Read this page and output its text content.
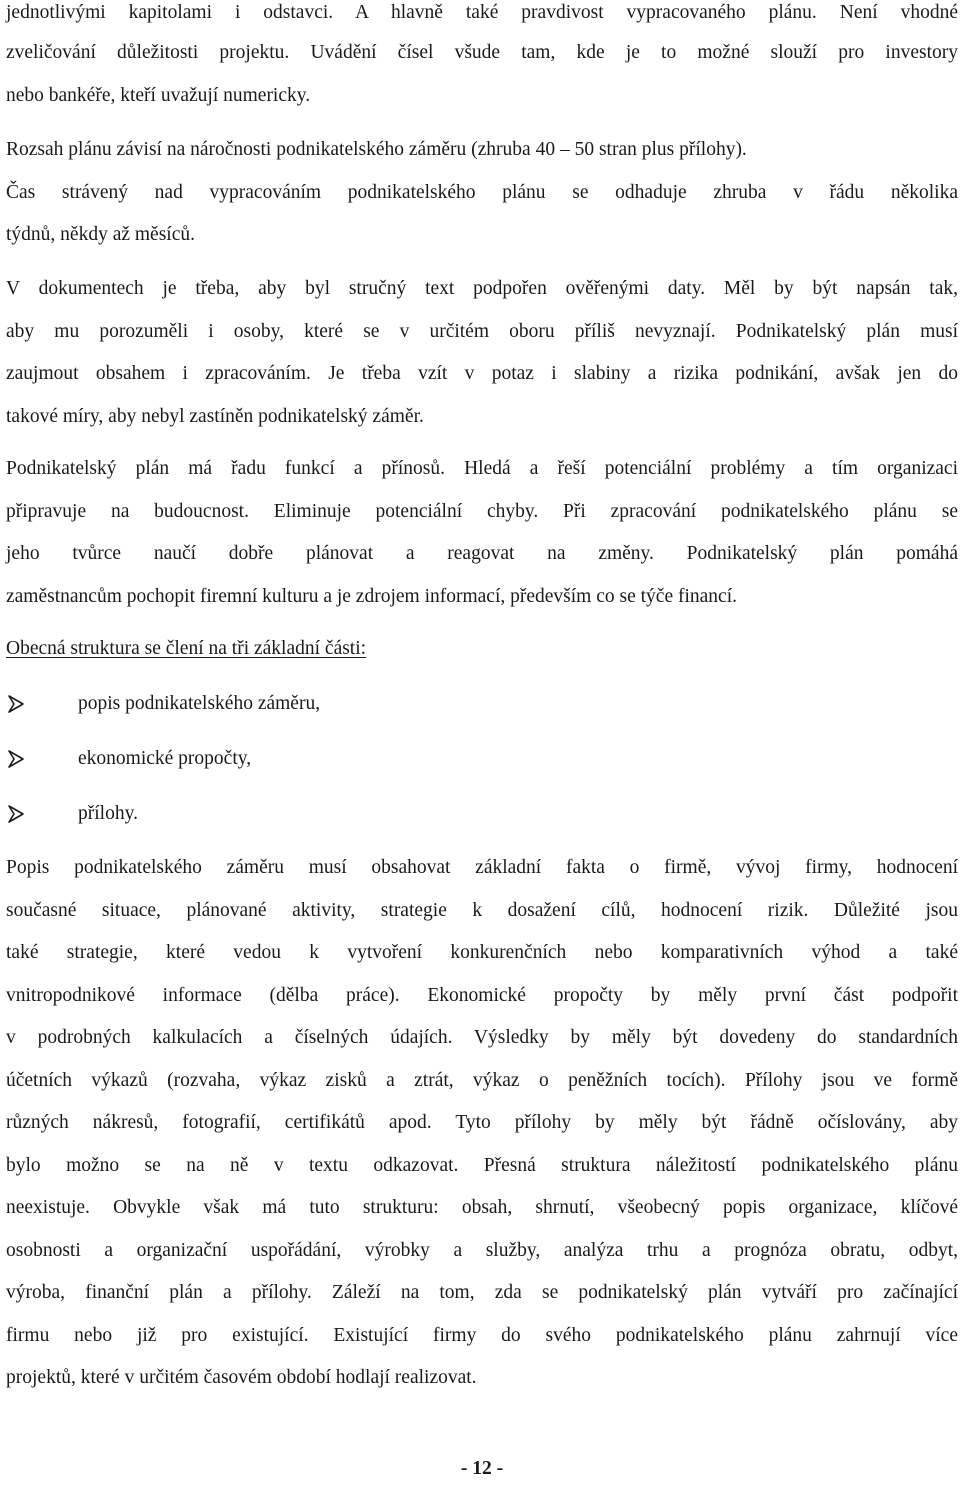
jednotlivými kapitolami i odstavci. A hlavně také pravdivost vypracovaného plánu. Není vhodné
zveličování důležitosti projektu. Uvádění čísel všude tam, kde je to možné slouží pro investory
nebo bankéře, kteří uvažují numericky.
Rozsah plánu závisí na náročnosti podnikatelského záměru (zhruba 40 – 50 stran plus přílohy).
Čas strávený nad vypracováním podnikatelského plánu se odhaduje zhruba v řádu několika
týdnů, někdy až měsíců.
V dokumentech je třeba, aby byl stručný text podpořen ověřenými daty. Měl by být napsán tak,
aby mu porozuměli i osoby, které se v určitém oboru příliš nevyznají. Podnikatelský plán musí
zaujmout obsahem i zpracováním. Je třeba vzít v potaz i slabiny a rizika podnikání, avšak jen do
takové míry, aby nebyl zastíněn podnikatelský záměr.
Podnikatelský plán má řadu funkcí a přínosů. Hledá a řeší potenciální problémy a tím organizaci
připravuje na budoucnost. Eliminuje potenciální chyby. Při zpracování podnikatelského plánu se
jeho tvůrce naučí dobře plánovat a reagovat na změny. Podnikatelský plán pomáhá
zaměstnancům pochopit firemní kulturu a je zdrojem informací, především co se týče financí.
Obecná struktura se člení na tři základní části:
popis podnikatelského záměru,
ekonomické propočty,
přílohy.
Popis podnikatelského záměru musí obsahovat základní fakta o firmě, vývoj firmy, hodnocení
současné situace, plánované aktivity, strategie k dosažení cílů, hodnocení rizik. Důležité jsou
také strategie, které vedou k vytvoření konkurenčních nebo komparativních výhod a také
vnitropodnikové informace (dělba práce). Ekonomické propočty by měly první část podpořit
v podrobných kalkulacích a číselných údajích. Výsledky by měly být dovedeny do standardních
účetních výkazů (rozvaha, výkaz zisků a ztrát, výkaz o peněžních tocích). Přílohy jsou ve formě
různých nákresů, fotografií, certifikátů apod. Tyto přílohy by měly být řádně očíslovány, aby
bylo možno se na ně v textu odkazovat. Přesná struktura náležitostí podnikatelského plánu
neexistuje. Obvykle však má tuto strukturu: obsah, shrnutí, všeobecný popis organizace, klíčové
osobnosti a organizační uspořádání, výrobky a služby, analýza trhu a prognóza obratu, odbyt,
výroba, finanční plán a přílohy. Záleží na tom, zda se podnikatelský plán vytváří pro začínající
firmu nebo již pro existující. Existující firmy do svého podnikatelského plánu zahrnují více
projektů, které v určitém časovém období hodlají realizovat.
- 12 -
